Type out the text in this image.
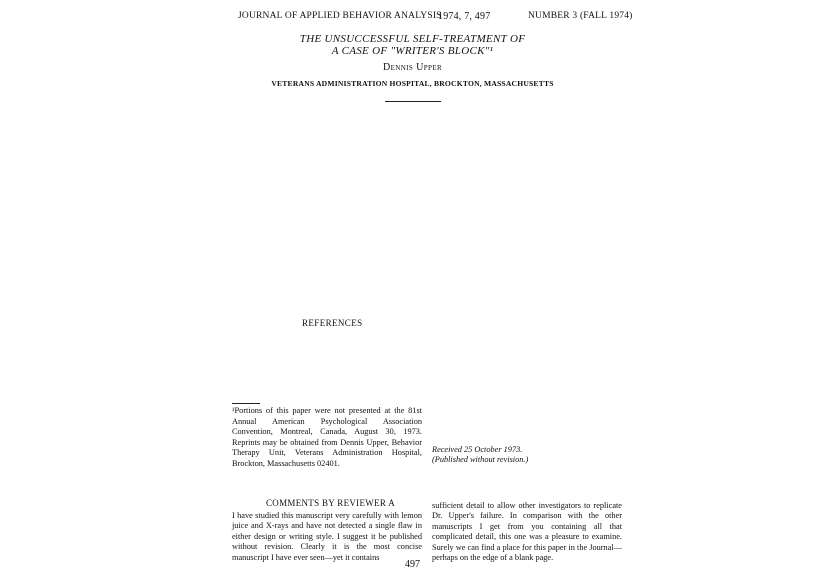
JOURNAL OF APPLIED BEHAVIOR ANALYSIS
1974, 7, 497	NUMBER 3 (FALL 1974)
THE UNSUCCESSFUL SELF-TREATMENT OF
A CASE OF "WRITER'S BLOCK"¹
Dennis Upper
VETERANS ADMINISTRATION HOSPITAL, BROCKTON, MASSACHUSETTS
REFERENCES
¹Portions of this paper were not presented at the 81st Annual American Psychological Association Convention, Montreal, Canada, August 30, 1973. Reprints may be obtained from Dennis Upper, Behavior Therapy Unit, Veterans Administration Hospital, Brockton, Massachusetts 02401.
Received 25 October 1973.
(Published without revision.)
COMMENTS BY REVIEWER A
I have studied this manuscript very carefully with lemon juice and X-rays and have not detected a single flaw in either design or writing style. I suggest it be published without revision. Clearly it is the most concise manuscript I have ever seen—yet it contains
sufficient detail to allow other investigators to replicate Dr. Upper's failure. In comparison with the other manuscripts I get from you containing all that complicated detail, this one was a pleasure to examine. Surely we can find a place for this paper in the Journal—perhaps on the edge of a blank page.
497
